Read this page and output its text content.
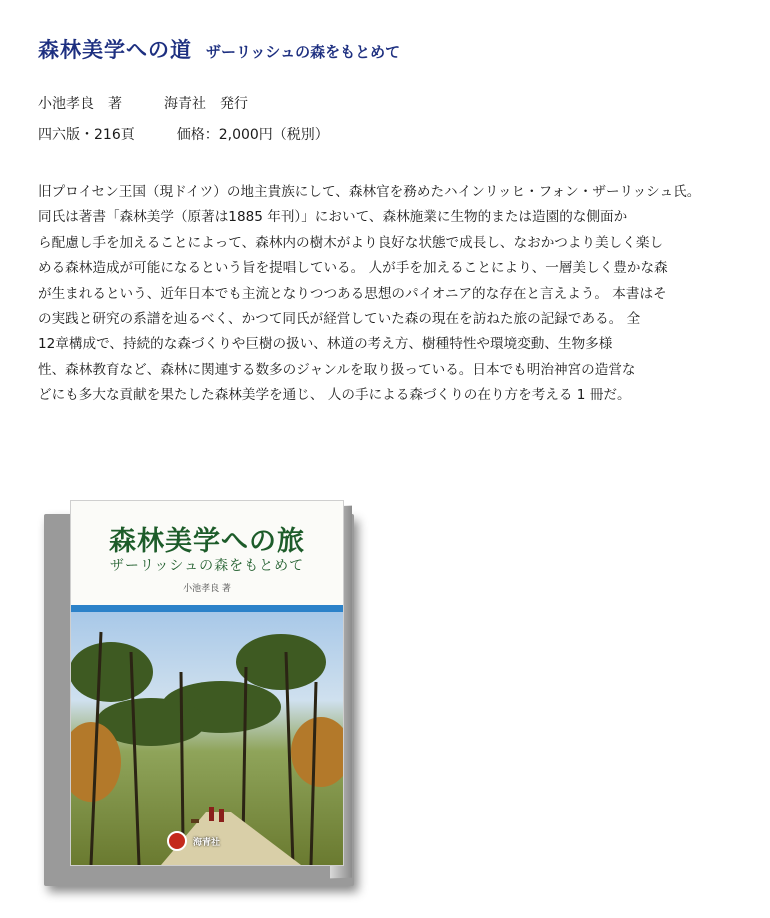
森林美学への道 ザーリッシュの森をもとめて
小池孝良　著　　　海青社　発行
四六版・216頁　　　価格：2,000円（税別）
旧プロイセン王国（現ドイツ）の地主貴族にして、森林官を務めたハインリッヒ・フォン・ザーリッシュ氏。
同氏は著書「森林美学（原著は1885 年刊）」において、森林施業に生物的または造園的な側面か
ら配慮し手を加えることによって、森林内の樹木がより良好な状態で成長し、なおかつより美しく楽し
める森林造成が可能になるという旨を提唱している。 人が手を加えることにより、一層美しく豊かな森
が生まれるという、近年日本でも主流となりつつある思想のパイオニア的な存在と言えよう。 本書はそ
の実践と研究の系譜を辿るべく、かつて同氏が経営していた森の現在を訪ねた旅の記録である。 全
12章構成で、持続的な森づくりや巨樹の扱い、林道の考え方、樹種特性や環境変動、生物多様
性、森林教育など、森林に関連する数多のジャンルを取り扱っている。日本でも明治神宮の造営な
どにも多大な貢献を果たした森林美学を通じ、 人の手による森づくりの在り方を考える 1 冊だ。
森林美学への旅
ザーリッシュの森をもとめて
小池孝良 著
海青社
